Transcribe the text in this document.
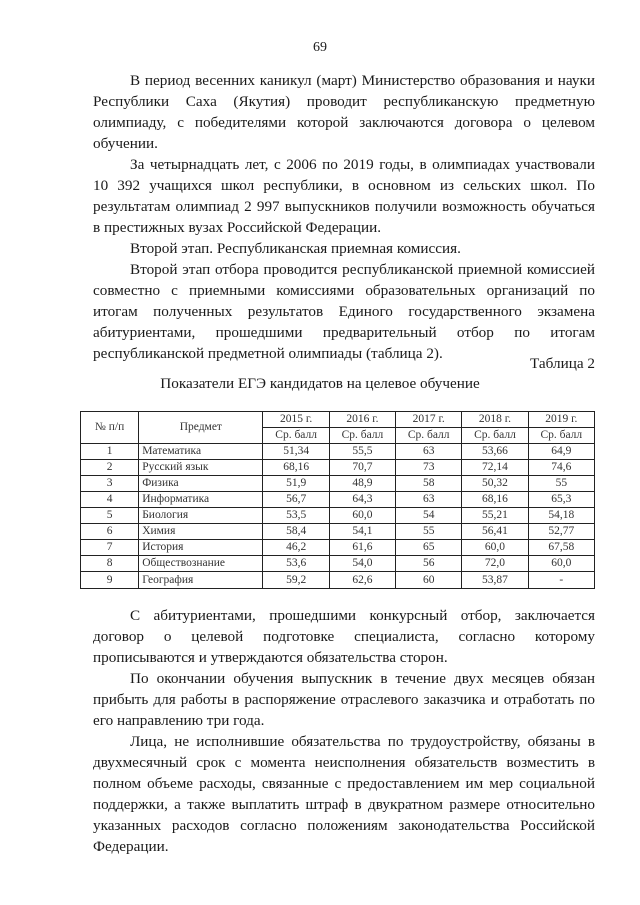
69

В период весенних каникул (март) Министерство образования и науки Республики Саха (Якутия) проводит республиканскую предметную олимпиаду, с победителями которой заключаются договора о целевом обучении.

За четырнадцать лет, с 2006 по 2019 годы, в олимпиадах участвовали 10 392 учащихся школ республики, в основном из сельских школ. По результатам олимпиад 2 997 выпускников получили возможность обучаться в престижных вузах Российской Федерации.

Второй этап. Республиканская приемная комиссия.

Второй этап отбора проводится республиканской приемной комиссией совместно с приемными комиссиями образовательных организаций по итогам полученных результатов Единого государственного экзамена абитуриентами, прошедшими предварительный отбор по итогам республиканской предметной олимпиады (таблица 2).

Таблица 2
Показатели ЕГЭ кандидатов на целевое обучение
№ п/п	Предмет	2015 г.	2016 г.	2017 г.	2018 г.	2019 г.
		Ср. балл	Ср. балл	Ср. балл	Ср. балл	Ср. балл
1	Математика	51,34	55,5	63	53,66	64,9
2	Русский язык	68,16	70,7	73	72,14	74,6
3	Физика	51,9	48,9	58	50,32	55
4	Информатика	56,7	64,3	63	68,16	65,3
5	Биология	53,5	60,0	54	55,21	54,18
6	Химия	58,4	54,1	55	56,41	52,77
7	История	46,2	61,6	65	60,0	67,58
8	Обществознание	53,6	54,0	56	72,0	60,0
9	География	59,2	62,6	60	53,87	-

С абитуриентами, прошедшими конкурсный отбор, заключается договор о целевой подготовке специалиста, согласно которому прописываются и утверждаются обязательства сторон.

По окончании обучения выпускник в течение двух месяцев обязан прибыть для работы в распоряжение отраслевого заказчика и отработать по его направлению три года.

Лица, не исполнившие обязательства по трудоустройству, обязаны в двухмесячный срок с момента неисполнения обязательств возместить в полном объеме расходы, связанные с предоставлением им мер социальной поддержки, а также выплатить штраф в двукратном размере относительно указанных расходов согласно положениям законодательства Российской Федерации.
